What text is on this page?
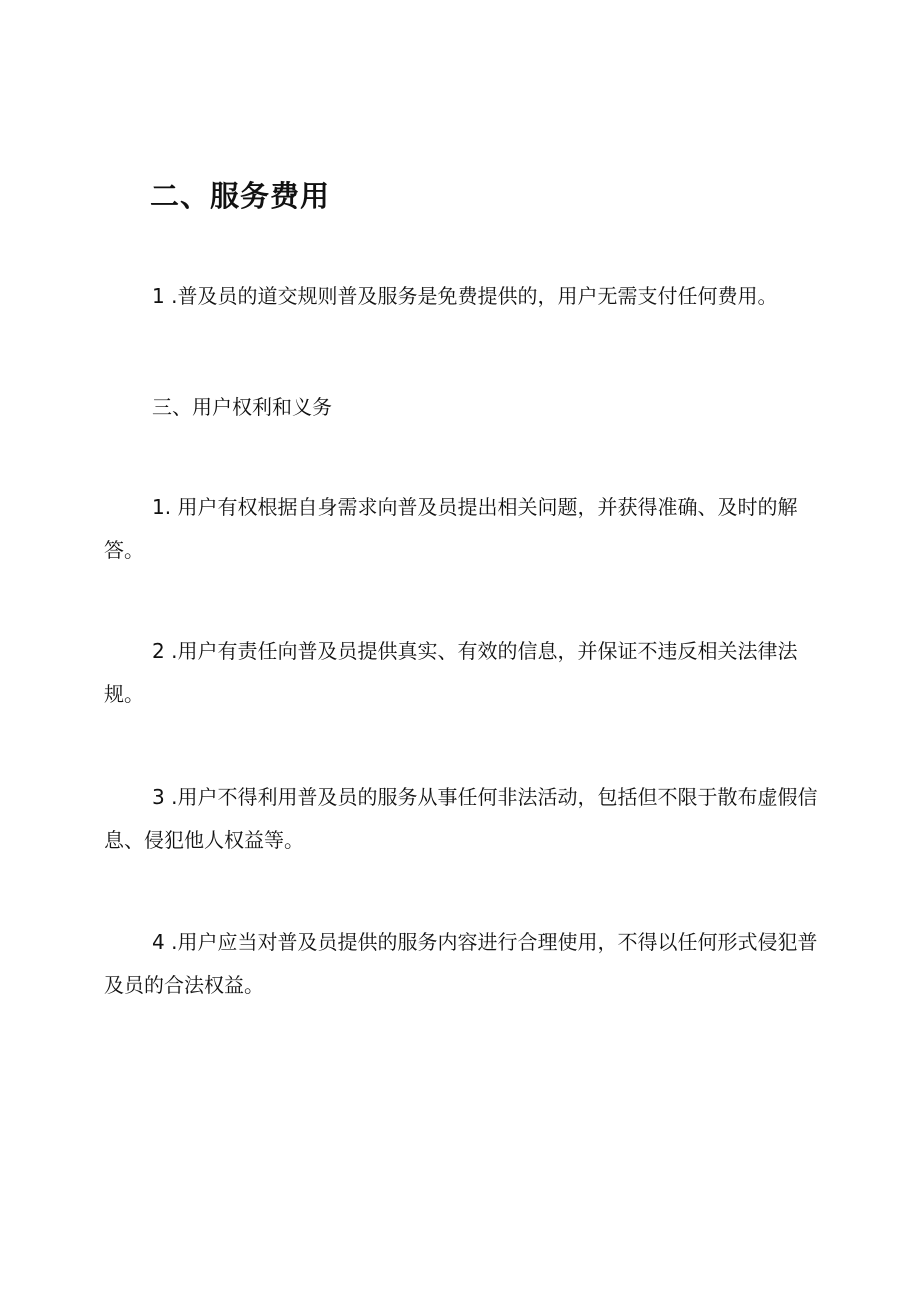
二、服务费用

1 .普及员的道交规则普及服务是免费提供的，用户无需支付任何费用。

三、用户权利和义务

1. 用户有权根据自身需求向普及员提出相关问题，并获得准确、及时的解答。

2 .用户有责任向普及员提供真实、有效的信息，并保证不违反相关法律法规。

3 .用户不得利用普及员的服务从事任何非法活动，包括但不限于散布虚假信息、侵犯他人权益等。

4 .用户应当对普及员提供的服务内容进行合理使用，不得以任何形式侵犯普及员的合法权益。
